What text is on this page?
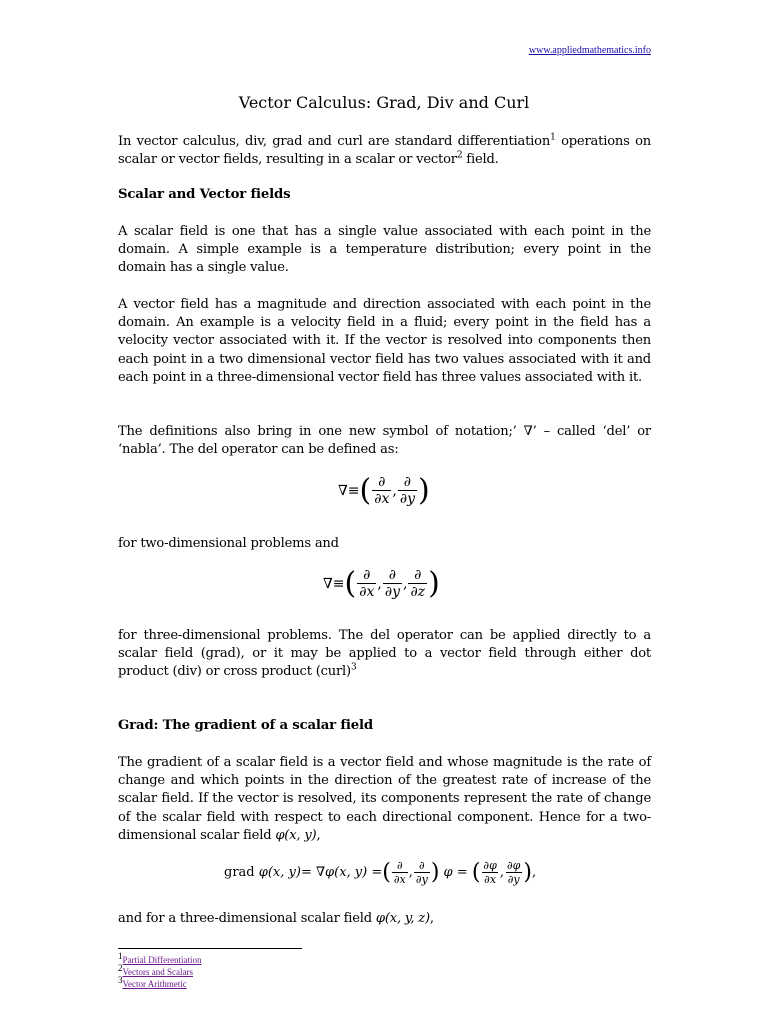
www.appliedmathematics.info
Vector Calculus: Grad, Div and Curl

In vector calculus, div, grad and curl are standard differentiation$^1$ operations on scalar or vector fields, resulting in a scalar or vector$^2$ field.

Scalar and Vector fields

A scalar field is one that has a single value associated with each point in the domain. A simple example is a temperature distribution; every point in the domain has a single value.

A vector field has a magnitude and direction associated with each point in the domain. An example is a velocity field in a fluid; every point in the field has a velocity vector associated with it. If the vector is resolved into components then each point in a two dimensional vector field has two values associated with it and each point in a three-dimensional vector field has three values associated with it.

The definitions also bring in one new symbol of notation;’ ∇’ – called ‘del’ or ‘nabla’. The del operator can be defined as:

∇≡ ( $\frac{\partial}{\partial x}$ , $\frac{\partial}{\partial y}$ )

for two-dimensional problems and

∇≡ ( $\frac{\partial}{\partial x}$ , $\frac{\partial}{\partial y}$ , $\frac{\partial}{\partial z}$ )

for three-dimensional problems. The del operator can be applied directly to a scalar field (grad), or it may be applied to a vector field through either dot product (div) or cross product (curl)$^3$

Grad: The gradient of a scalar field

The gradient of a scalar field is a vector field and whose magnitude is the rate of change and which points in the direction of the greatest rate of increase of the scalar field. If the vector is resolved, its components represent the rate of change of the scalar field with respect to each directional component. Hence for a two-dimensional scalar field φ(x, y),

grad
φ(x, y) = ∇φ(x, y) = ( $\frac{\partial}{\partial x}$ , $\frac{\partial}{\partial y}$ )
φ =
( $\frac{\partial\varphi}{\partial x}$ , $\frac{\partial\varphi}{\partial y}$ ) ,

and for a three-dimensional scalar field φ(x, y, z),

$^1$Partial Differentiation
$^2$Vectors and Scalars
$^3$Vector Arithmetic
